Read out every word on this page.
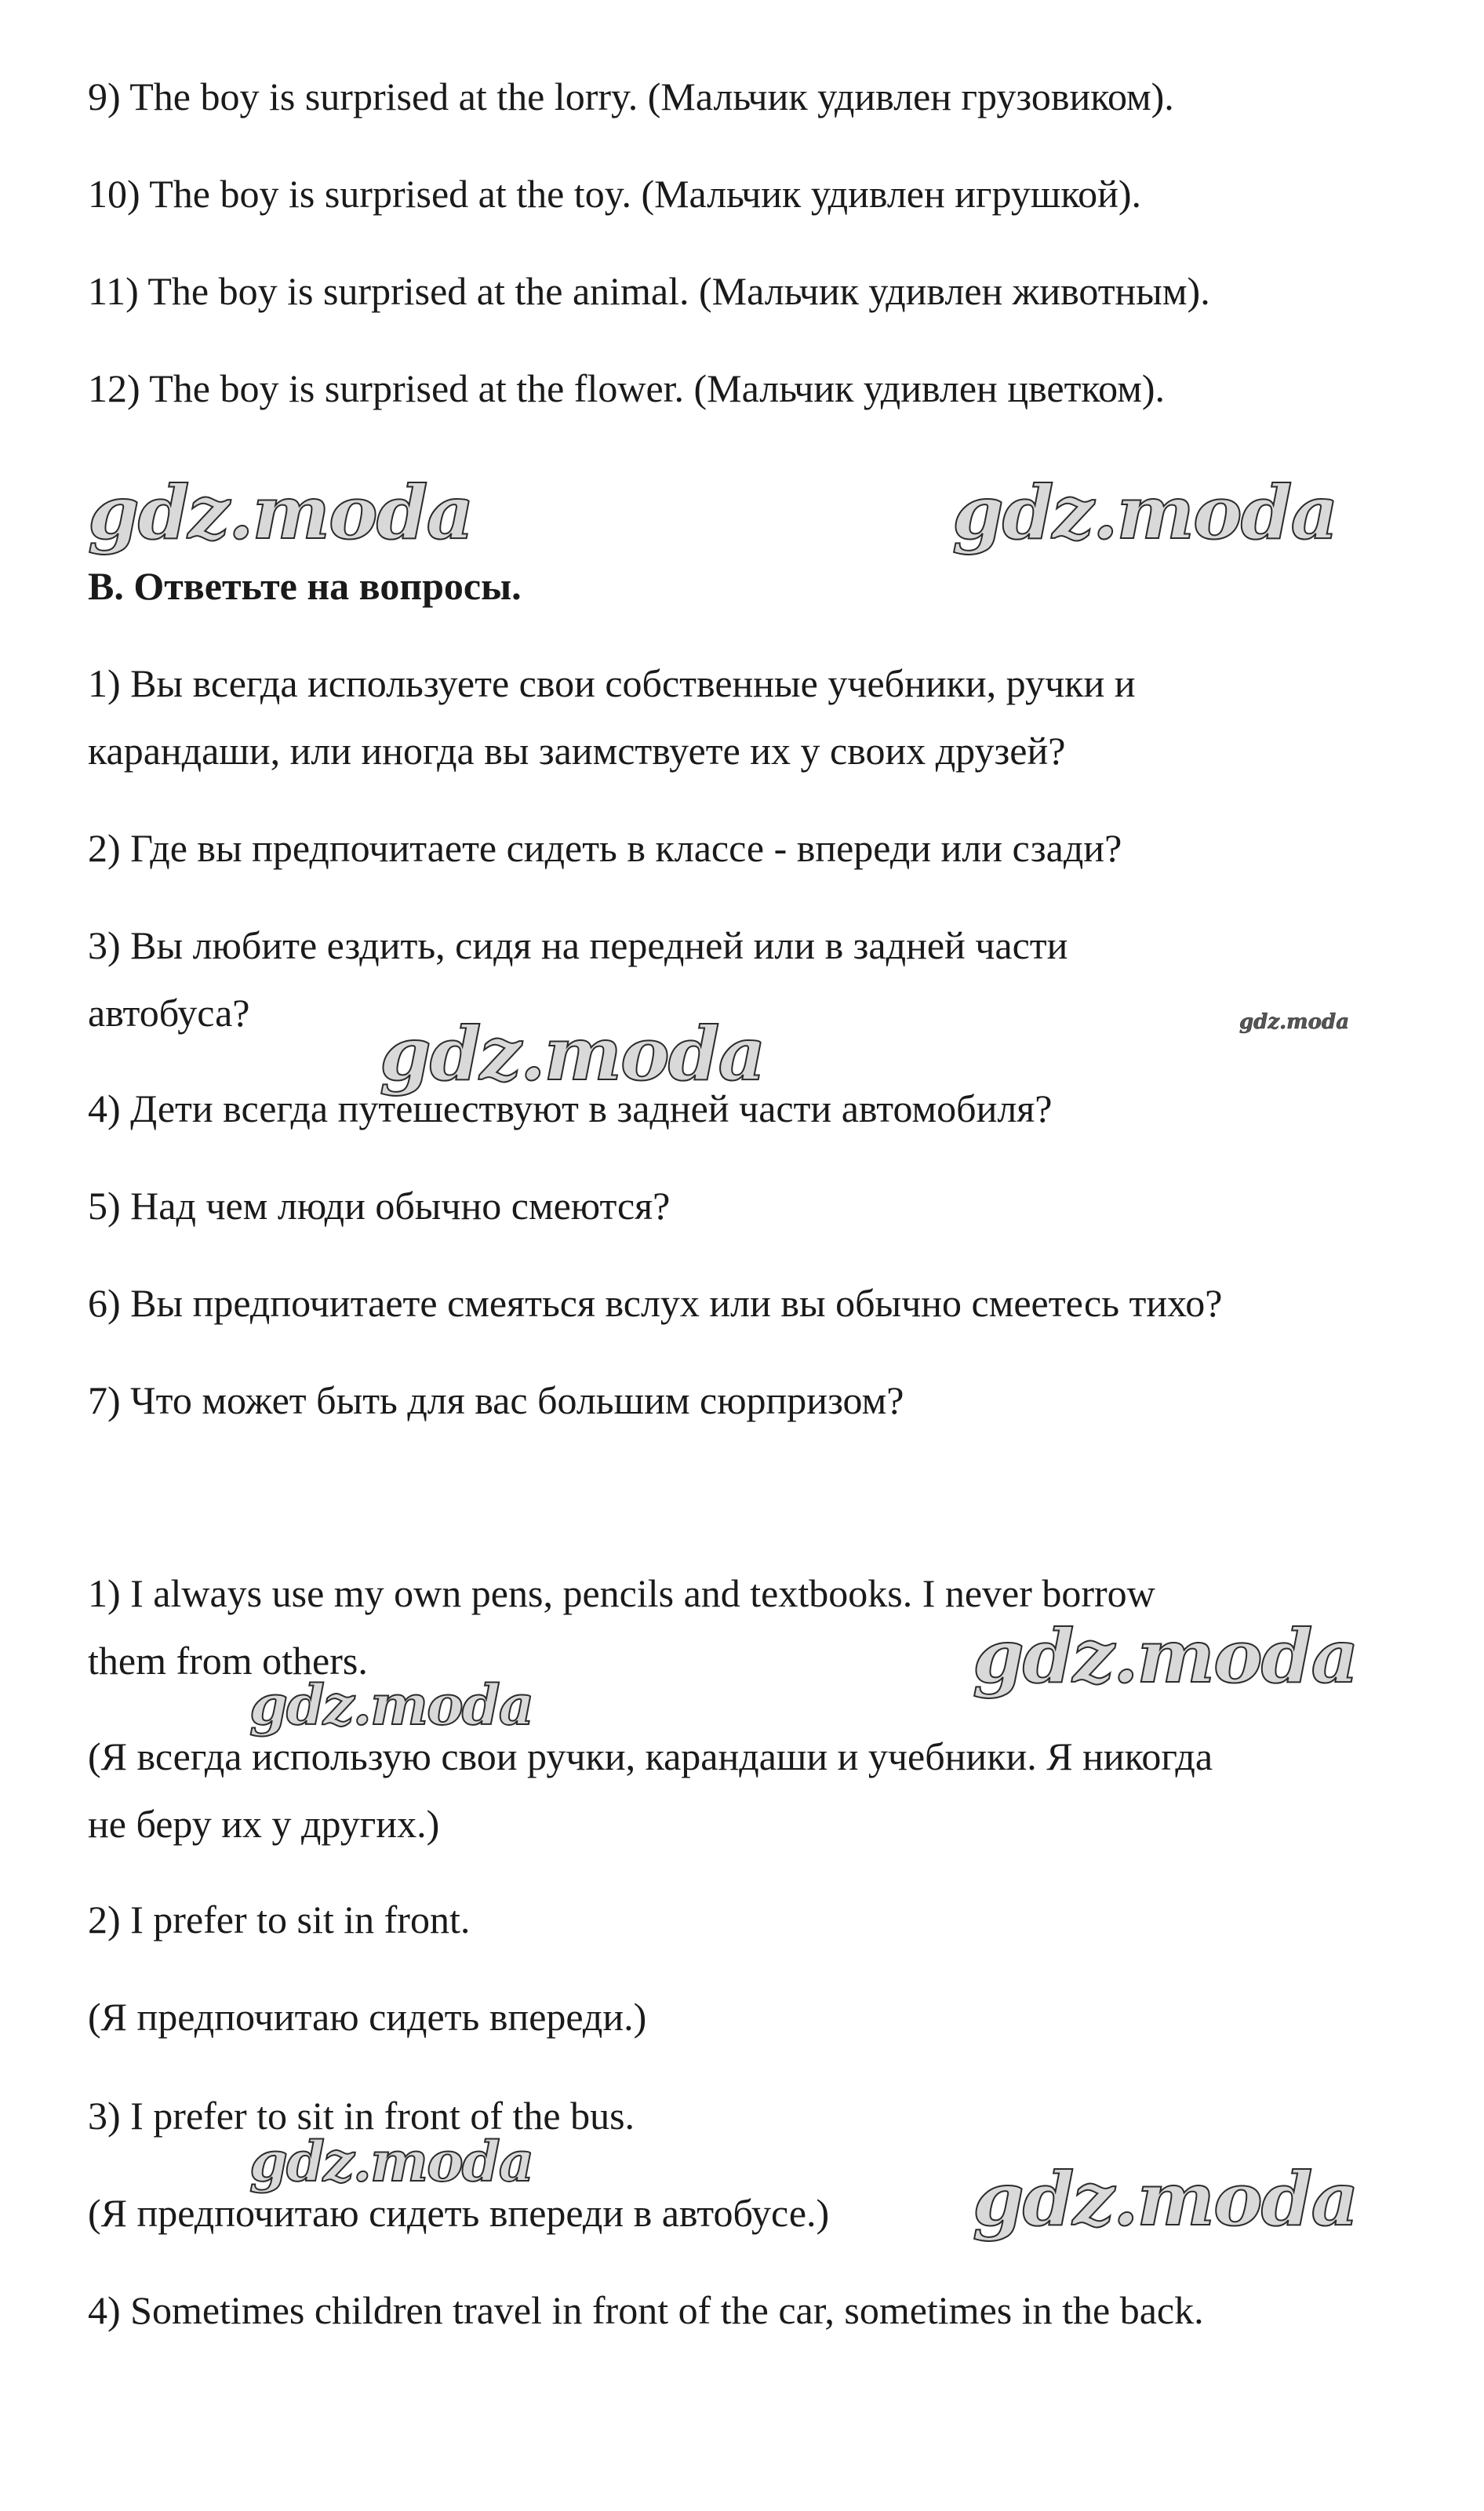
9) The boy is surprised at the lorry. (Мальчик удивлен грузовиком).

10) The boy is surprised at the toy. (Мальчик удивлен игрушкой).

11) The boy is surprised at the animal. (Мальчик удивлен животным).

12) The boy is surprised at the flower. (Мальчик удивлен цветком).

B. Ответьте на вопросы.

1) Вы всегда используете свои собственные учебники, ручки и

карандаши, или иногда вы заимствуете их у своих друзей?

2) Где вы предпочитаете сидеть в классе - впереди или сзади?

3) Вы любите ездить, сидя на передней или в задней части

автобуса?

4) Дети всегда путешествуют в задней части автомобиля?

5) Над чем люди обычно смеются?

6) Вы предпочитаете смеяться вслух или вы обычно смеетесь тихо?

7) Что может быть для вас большим сюрпризом?

1) I always use my own pens, pencils and textbooks. I never borrow

them from others.

(Я всегда использую свои ручки, карандаши и учебники. Я никогда

не беру их у других.)

2) I prefer to sit in front.

(Я предпочитаю сидеть впереди.)

3) I prefer to sit in front of the bus.

(Я предпочитаю сидеть впереди в автобусе.)

4) Sometimes children travel in front of the car, sometimes in the back.

gdz.moda	gdz.moda
gdz.moda	gdz.moda
gdz.moda
gdz.moda
gdz.moda	gdz.moda
